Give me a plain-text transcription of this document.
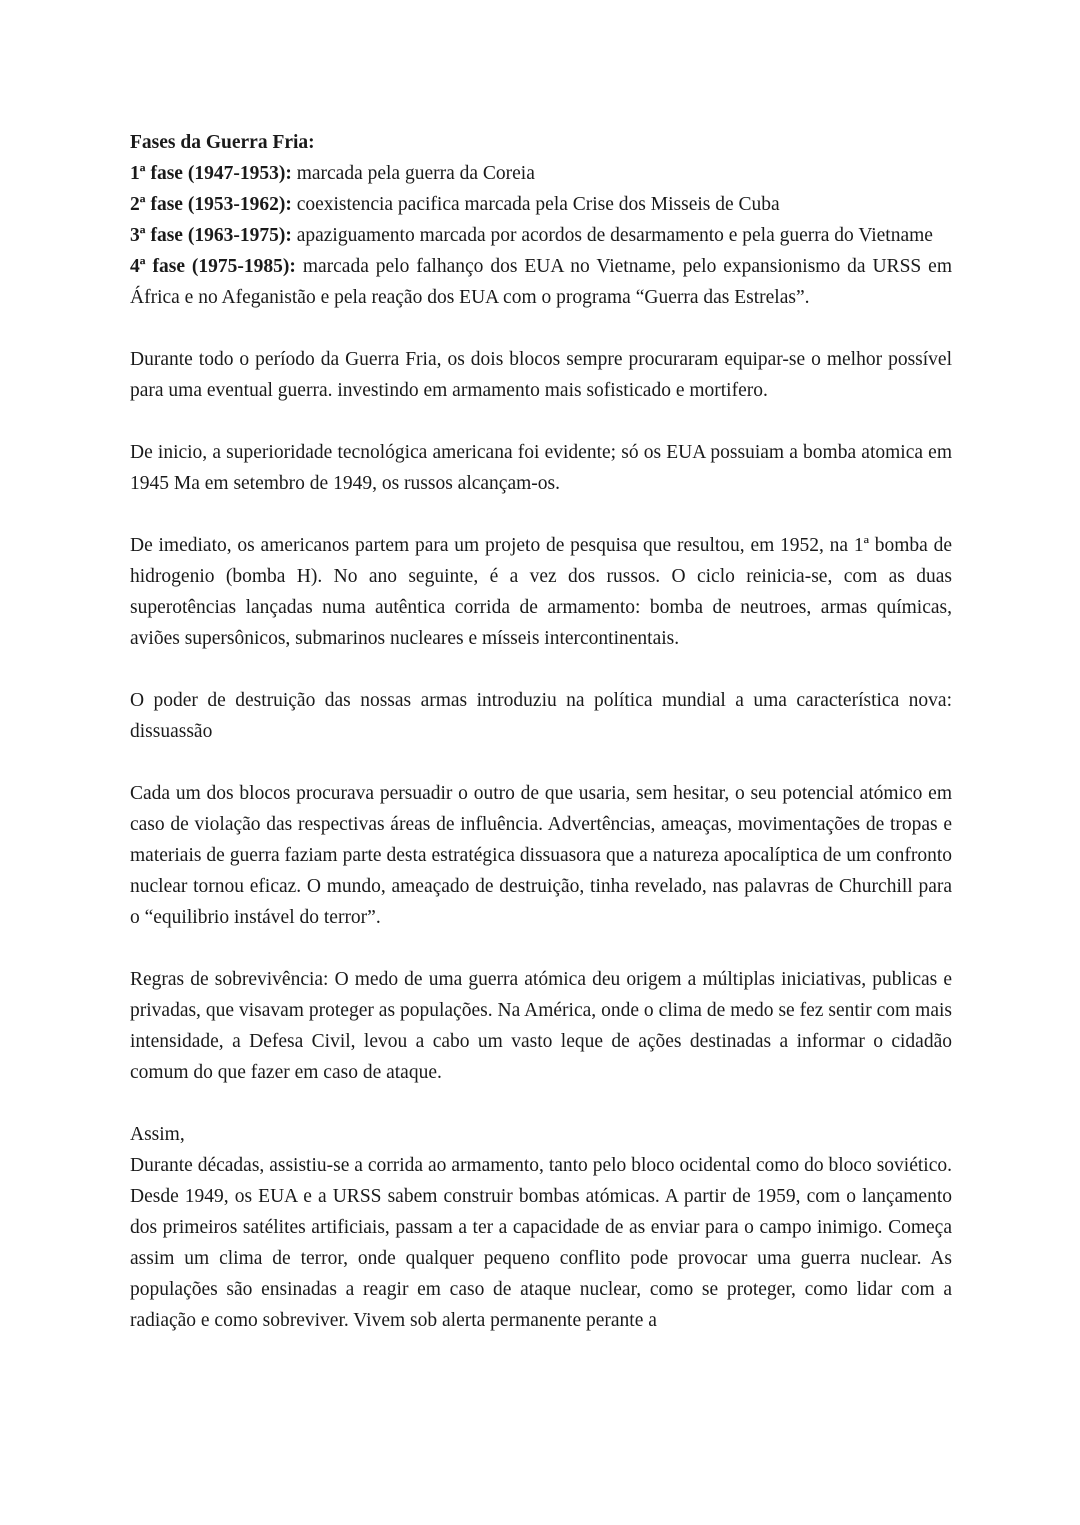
Fases da Guerra Fria:

1ª fase (1947-1953): marcada pela guerra da Coreia

2ª fase (1953-1962): coexistencia pacifica marcada pela Crise dos Misseis de Cuba

3ª fase (1963-1975): apaziguamento marcada por acordos de desarmamento e pela guerra do Vietname

4ª fase (1975-1985): marcada pelo falhanço dos EUA no Vietname, pelo expansionismo da URSS em África e no Afeganistão e pela reação dos EUA com o programa “Guerra das Estrelas”.

Durante todo o período da Guerra Fria, os dois blocos sempre procuraram equipar-se o melhor possível para uma eventual guerra. investindo em armamento mais sofisticado e mortifero.

De inicio, a superioridade tecnológica americana foi evidente; só os EUA possuiam a bomba atomica em 1945 Ma em setembro de 1949, os russos alcançam-os.

De imediato, os americanos partem para um projeto de pesquisa que resultou, em 1952, na 1ª bomba de hidrogenio (bomba H). No ano seguinte, é a vez dos russos. O ciclo reinicia-se, com as duas superotências lançadas numa autêntica corrida de armamento: bomba de neutroes, armas químicas, aviões supersônicos, submarinos nucleares e mísseis intercontinentais.

O poder de destruição das nossas armas introduziu na política mundial a uma característica nova: dissuassão

Cada um dos blocos procurava persuadir o outro de que usaria, sem hesitar, o seu potencial atómico em caso de violação das respectivas áreas de influência. Advertências, ameaças, movimentações de tropas e materiais de guerra faziam parte desta estratégica dissuasora que a natureza apocalíptica de um confronto nuclear tornou eficaz. O mundo, ameaçado de destruição, tinha revelado, nas palavras de Churchill para o “equilibrio instável do terror”.

Regras de sobrevivência: O medo de uma guerra atómica deu origem a múltiplas iniciativas, publicas e privadas, que visavam proteger as populações. Na América, onde o clima de medo se fez sentir com mais intensidade, a Defesa Civil, levou a cabo um vasto leque de ações destinadas a informar o cidadão comum do que fazer em caso de ataque.

Assim,

Durante décadas, assistiu-se a corrida ao armamento, tanto pelo bloco ocidental como do bloco soviético. Desde 1949, os EUA e a URSS sabem construir bombas atómicas. A partir de 1959, com o lançamento dos primeiros satélites artificiais, passam a ter a capacidade de as enviar para o campo inimigo. Começa assim um clima de terror, onde qualquer pequeno conflito pode provocar uma guerra nuclear. As populações são ensinadas a reagir em caso de ataque nuclear, como se proteger, como lidar com a radiação e como sobreviver. Vivem sob alerta permanente perante a
